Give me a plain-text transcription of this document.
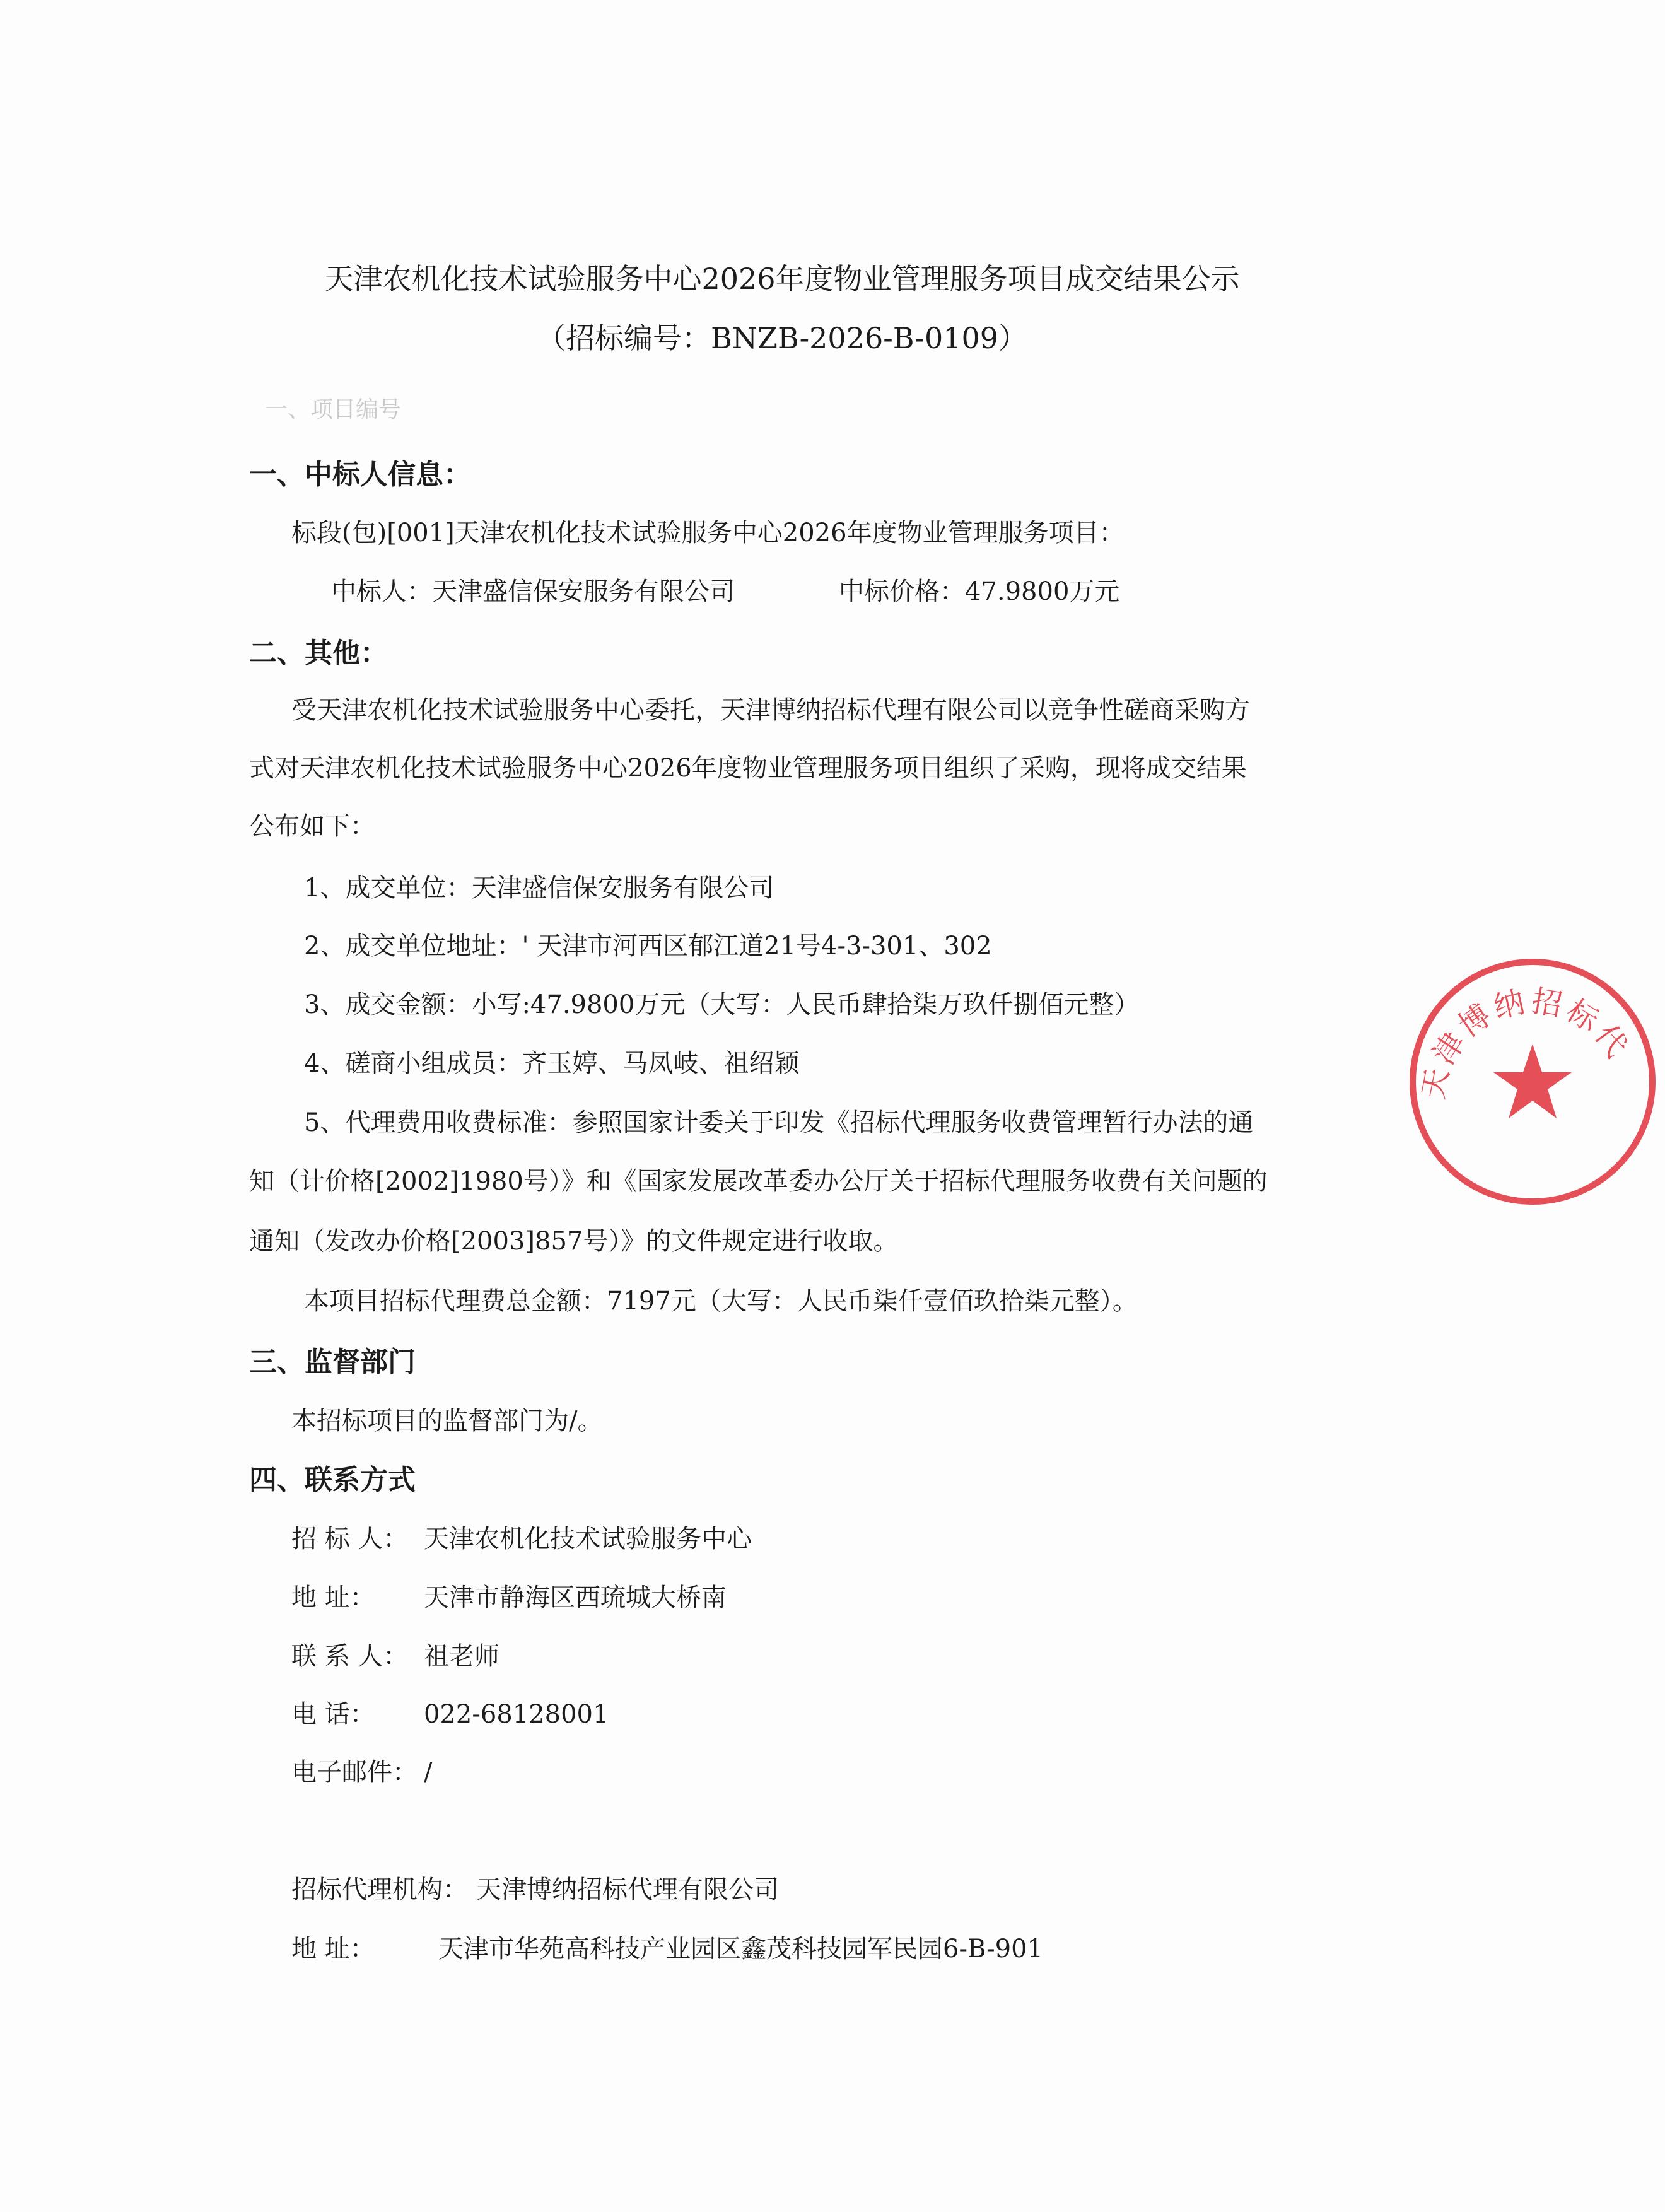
一、项目编号
天津农机化技术试验服务中心2026年度物业管理服务项目成交结果公示
（招标编号：BNZB-2026-B-0109）
一、中标人信息：
标段(包)[001]天津农机化技术试验服务中心2026年度物业管理服务项目：
中标人：天津盛信保安服务有限公司	中标价格：47.9800万元
二、其他：
受天津农机化技术试验服务中心委托，天津博纳招标代理有限公司以竞争性磋商采购方
式对天津农机化技术试验服务中心2026年度物业管理服务项目组织了采购，现将成交结果
公布如下：
1、成交单位：天津盛信保安服务有限公司
2、成交单位地址：' 天津市河西区郁江道21号4-3-301、302
3、成交金额：小写:47.9800万元（大写：人民币肆拾柒万玖仟捌佰元整）
4、磋商小组成员：齐玉婷、马凤岐、祖绍颖
5、代理费用收费标准：参照国家计委关于印发《招标代理服务收费管理暂行办法的通
知（计价格[2002]1980号）》和《国家发展改革委办公厅关于招标代理服务收费有关问题的
通知（发改办价格[2003]857号）》的文件规定进行收取。
本项目招标代理费总金额：7197元（大写：人民币柒仟壹佰玖拾柒元整）。
三、监督部门
本招标项目的监督部门为/。
四、联系方式
招 标 人： 天津农机化技术试验服务中心
地 址：	天津市静海区西琉城大桥南
联 系 人： 祖老师
电 话：	022-68128001
电子邮件： /
招标代理机构： 天津博纳招标代理有限公司
地 址：	天津市华苑高科技产业园区鑫茂科技园军民园6-B-901
天津博纳招标代
